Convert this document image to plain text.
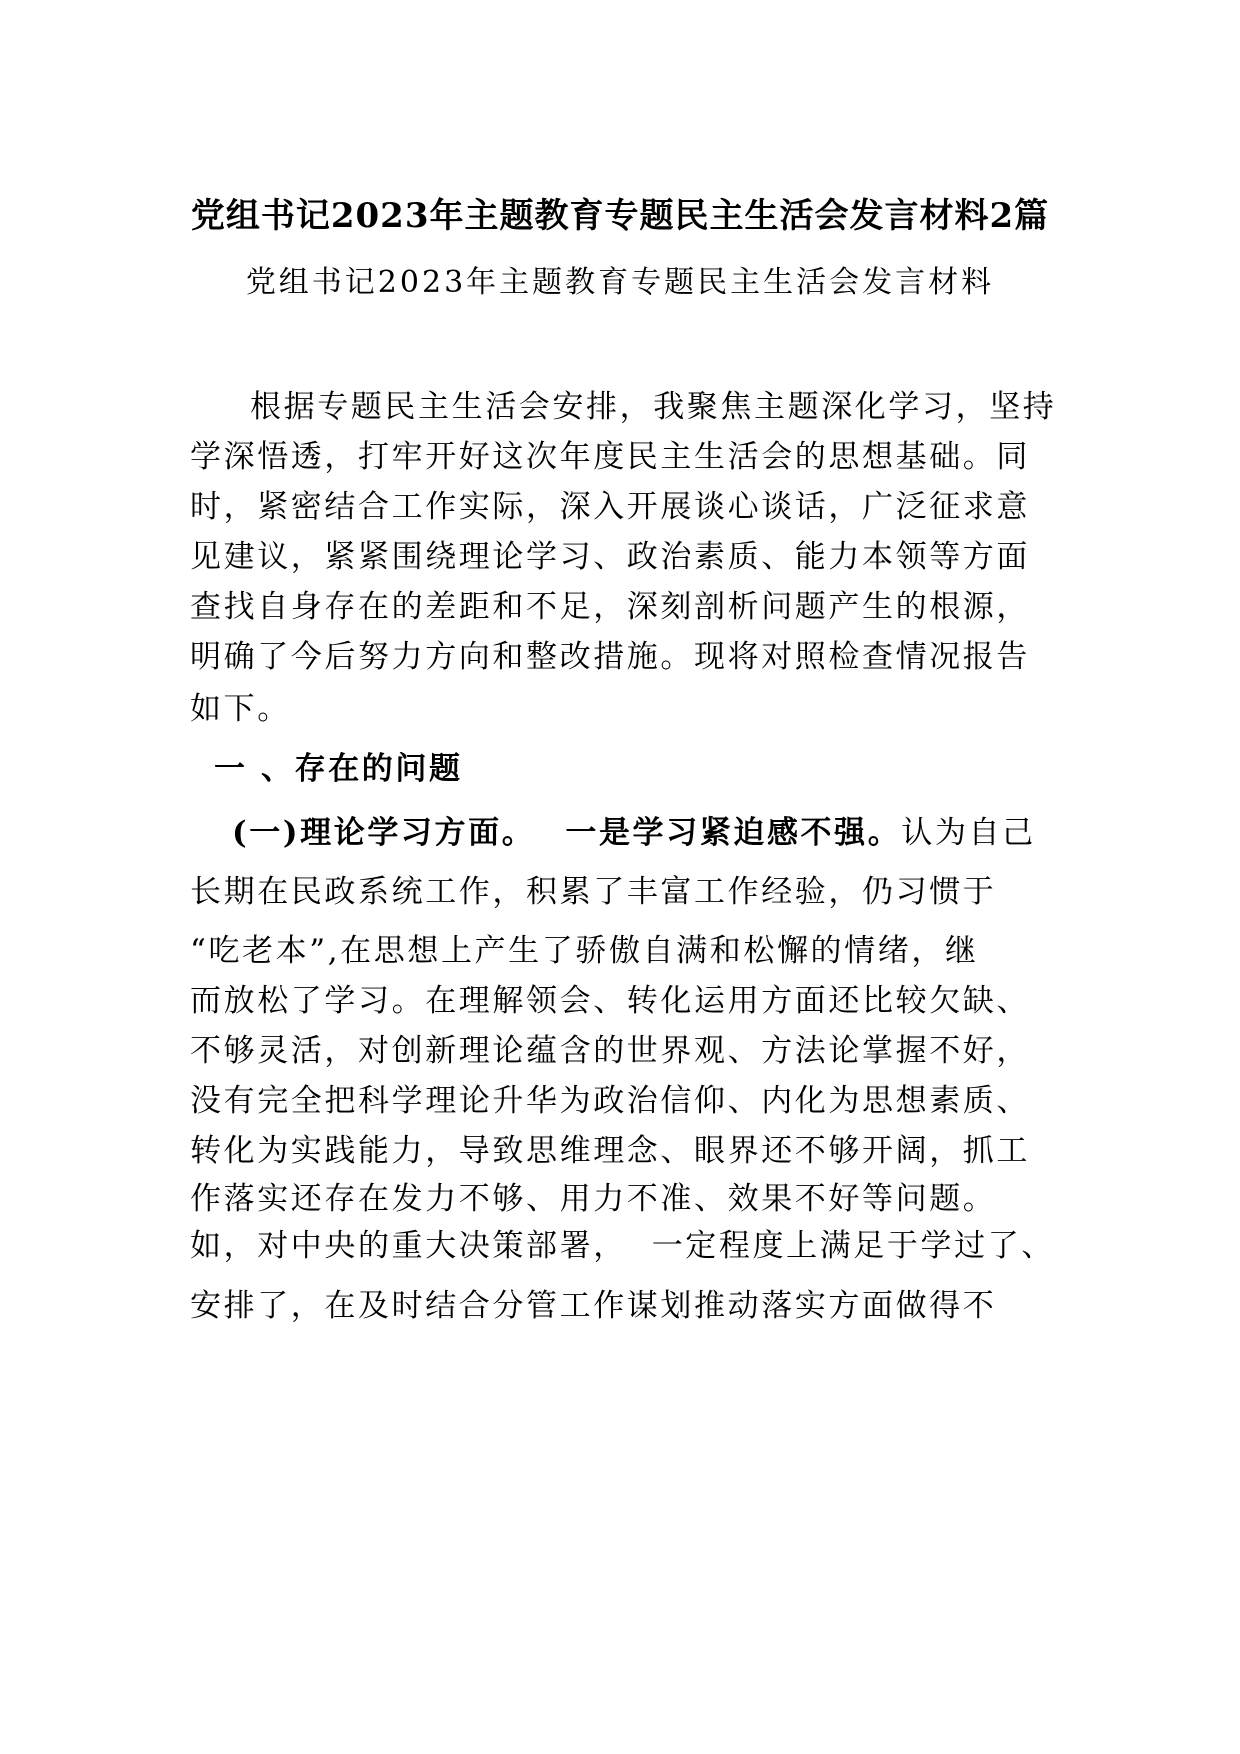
党组书记2023年主题教育专题民主生活会发言材料2篇
党组书记2023年主题教育专题民主生活会发言材料
根据专题民主生活会安排，我聚焦主题深化学习，坚持
学深悟透，打牢开好这次年度民主生活会的思想基础。同
时，紧密结合工作实际，深入开展谈心谈话，广泛征求意
见建议，紧紧围绕理论学习、政治素质、能力本领等方面
查找自身存在的差距和不足，深刻剖析问题产生的根源，
明确了今后努力方向和整改措施。现将对照检查情况报告
如下。
一 、存在的问题
(一)理论学习方面。 一是学习紧迫感不强。认为自己
长期在民政系统工作，积累了丰富工作经验，仍习惯于
“吃老本”,在思想上产生了骄傲自满和松懈的情绪，继
而放松了学习。在理解领会、转化运用方面还比较欠缺、
不够灵活，对创新理论蕴含的世界观、方法论掌握不好，
没有完全把科学理论升华为政治信仰、内化为思想素质、
转化为实践能力，导致思维理念、眼界还不够开阔，抓工
作落实还存在发力不够、用力不准、效果不好等问题。
如，对中央的重大决策部署，  一定程度上满足于学过了、
安排了，在及时结合分管工作谋划推动落实方面做得不
